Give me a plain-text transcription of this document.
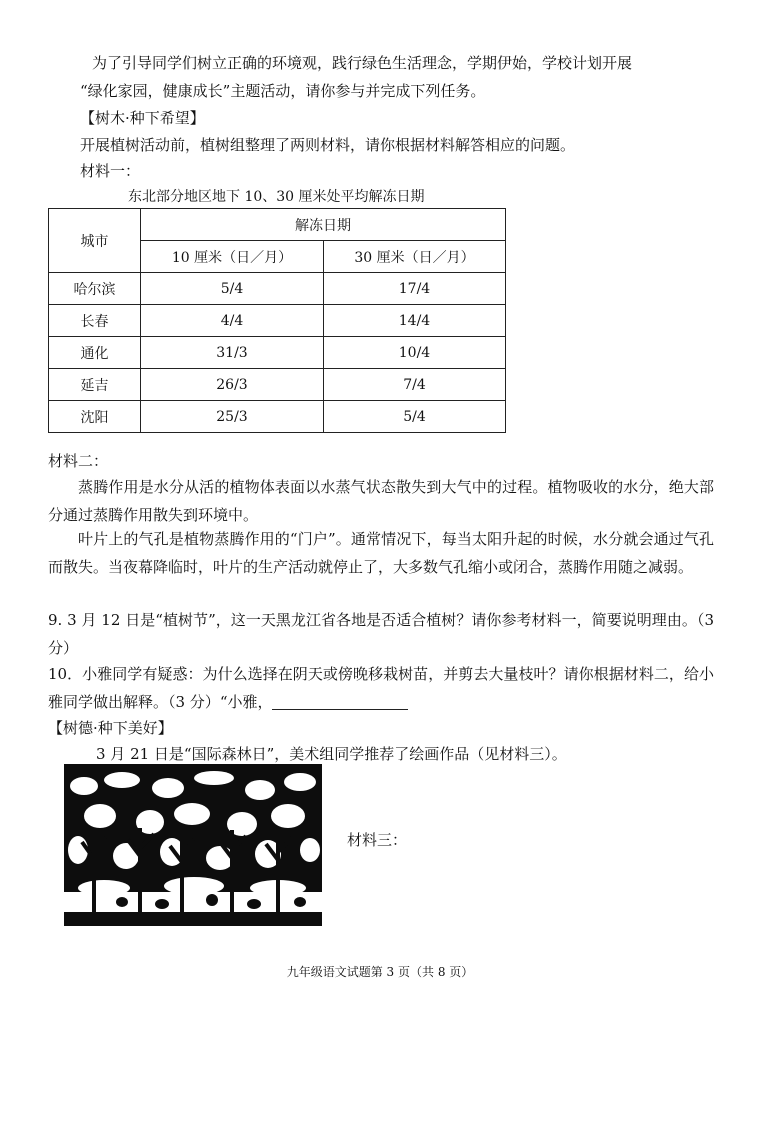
为了引导同学们树立正确的环境观，践行绿色生活理念，学期伊始，学校计划开展
“绿化家园，健康成长”主题活动，请你参与并完成下列任务。
【树木·种下希望】
开展植树活动前，植树组整理了两则材料，请你根据材料解答相应的问题。
材料一：
东北部分地区地下 10、30 厘米处平均解冻日期
城市	解冻日期	
	10 厘米（日／月）	30 厘米（日／月）
哈尔滨	5/4	17/4
长春	4/4	14/4
通化	31/3	10/4
延吉	26/3	7/4
沈阳	25/3	5/4
材料二：
蒸腾作用是水分从活的植物体表面以水蒸气状态散失到大气中的过程。植物吸收的水分，绝大部分通过蒸腾作用散失到环境中。
叶片上的气孔是植物蒸腾作用的“门户”。通常情况下，每当太阳升起的时候，水分就会通过气孔而散失。当夜幕降临时，叶片的生产活动就停止了，大多数气孔缩小或闭合，蒸腾作用随之减弱。
9. 3 月 12 日是“植树节”，这一天黑龙江省各地是否适合植树？请你参考材料一，简要说明理由。（3 分）
10．小雅同学有疑惑：为什么选择在阴天或傍晚移栽树苗，并剪去大量枝叶？请你根据材料二，给小雅同学做出解释。（3 分）“小雅，
【树德·种下美好】
3 月 21 日是“国际森林日”，美术组同学推荐了绘画作品（见材料三）。
材料三：
九年级语文试题第 3 页（共 8 页）
